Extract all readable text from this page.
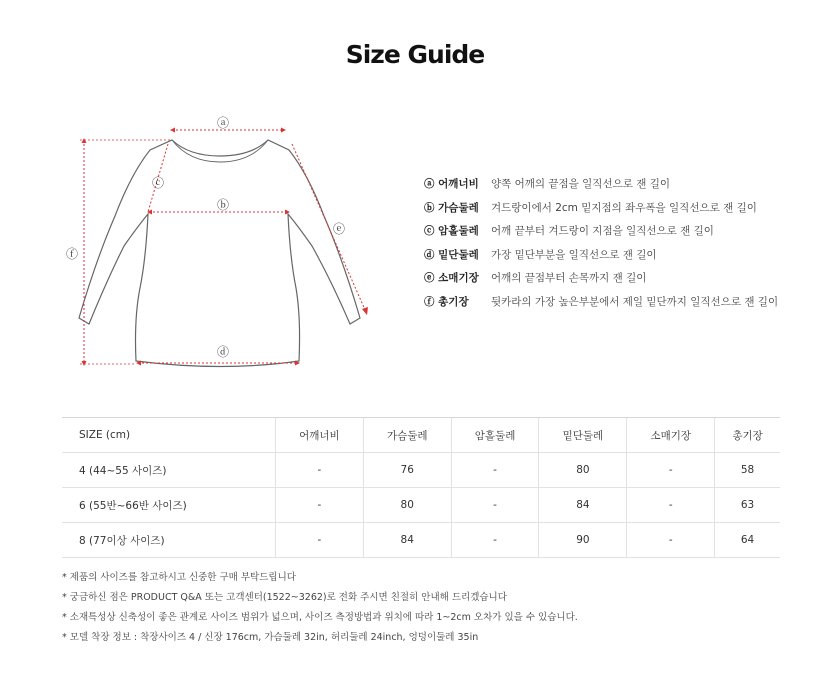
Size Guide
ⓐ
ⓑ
ⓒ
ⓓ
ⓔ
ⓕ
ⓐ 어깨너비 양쪽 어깨의 끝점을 일직선으로 잰 길이
ⓑ 가슴둘레 겨드랑이에서 2cm 밑지점의 좌우폭을 일직선으로 잰 길이
ⓒ 암홀둘레 어깨 끝부터 겨드랑이 지점을 일직선으로 잰 길이
ⓓ 밑단둘레 가장 밑단부분을 일직선으로 잰 길이
ⓔ 소매기장 어깨의 끝점부터 손목까지 잰 길이
ⓕ 총기장 뒷카라의 가장 높은부분에서 제일 밑단까지 일직선으로 잰 길이
SIZE (cm)	어깨너비	가슴둘레	암홀둘레	밑단둘레	소매기장	총기장
4 (44~55 사이즈)	-	76	-	80	-	58
6 (55반~66반 사이즈)	-	80	-	84	-	63
8 (77이상 사이즈)	-	84	-	90	-	64
* 제품의 사이즈를 참고하시고 신중한 구매 부탁드립니다
* 궁금하신 점은 PRODUCT Q&A 또는 고객센터(1522~3262)로 전화 주시면 친절히 안내해 드리겠습니다
* 소재특성상 신축성이 좋은 관계로 사이즈 범위가 넓으며, 사이즈 측정방법과 위치에 따라 1~2cm 오차가 있을 수 있습니다.
* 모델 착장 정보 : 착장사이즈 4 / 신장 176cm, 가슴둘레 32in, 허리둘레 24inch, 엉덩이둘레 35in
